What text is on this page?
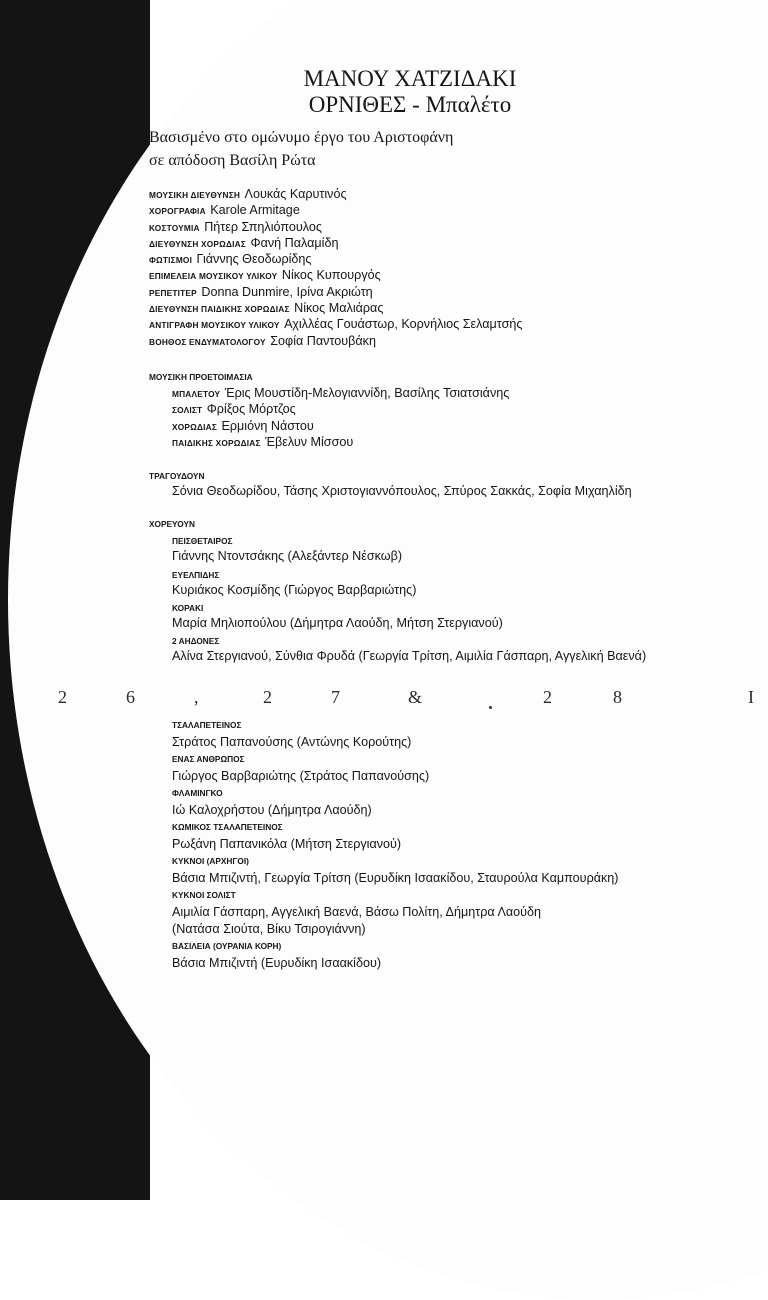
ΜΑΝΟΥ ΧΑΤΖΙΔΑΚΙ
ΟΡΝΙΘΕΣ - Μπαλέτο
Βασισμένο στο ομώνυμο έργο του Αριστοφάνη
σε απόδοση Βασίλη Ρώτα
ΜΟΥΣΙΚΗ ΔΙΕΥΘΥΝΣΗ Λουκάς Καρυτινός
ΧΟΡΟΓΡΑΦΙΑ Karole Armitage
ΚΟΣΤΟΥΜΙΑ Πήτερ Σπηλιόπουλος
ΔΙΕΥΘΥΝΣΗ ΧΟΡΩΔΙΑΣ Φανή Παλαμίδη
ΦΩΤΙΣΜΟΙ Γιάννης Θεοδωρίδης
ΕΠΙΜΕΛΕΙΑ ΜΟΥΣΙΚΟΥ ΥΛΙΚΟΥ Νίκος Κυπουργός
ΡΕΠΕΤΙΤΕΡ Donna Dunmire, Ιρίνα Ακριώτη
ΔΙΕΥΘΥΝΣΗ ΠΑΙΔΙΚΗΣ ΧΟΡΩΔΙΑΣ Νίκος Μαλιάρας
ΑΝΤΙΓΡΑΦΗ ΜΟΥΣΙΚΟΥ ΥΛΙΚΟΥ Αχιλλέας Γουάστωρ, Κορνήλιος Σελαμτσής
ΒΟΗΘΟΣ ΕΝΔΥΜΑΤΟΛΟΓΟΥ Σοφία Παντουβάκη
ΜΟΥΣΙΚΗ ΠΡΟΕΤΟΙΜΑΣΙΑ
ΜΠΑΛΕΤΟΥ Έρις Μουστίδη-Μελογιαννίδη, Βασίλης Τσιατσιάνης
ΣΟΛΙΣΤ Φρίξος Μόρτζος
ΧΟΡΩΔΙΑΣ Ερμιόνη Νάστου
ΠΑΙΔΙΚΗΣ ΧΟΡΩΔΙΑΣ Έβελυν Μίσσου
ΤΡΑΓΟΥΔΟΥΝ
Σόνια Θεοδωρίδου, Τάσης Χριστογιαννόπουλος, Σπύρος Σακκάς, Σοφία Μιχαηλίδη
ΧΟΡΕΥΟΥΝ
ΠΕΙΣΘΕΤΑΙΡΟΣ
Γιάννης Ντοντσάκης (Αλεξάντερ Νέσκωβ)
ΕΥΕΛΠΙΔΗΣ
Κυριάκος Κοσμίδης (Γιώργος Βαρβαριώτης)
ΚΟΡΑΚΙ
Μαρία Μηλιοπούλου (Δήμητρα Λαούδη, Μήτση Στεργιανού)
2 ΑΗΔΟΝΕΣ
Αλίνα Στεργιανού, Σύνθια Φρυδά (Γεωργία Τρίτση, Αιμιλία Γάσπαρη, Αγγελική Βαενά)
2	6	,	2	7	&	2	8	I
ΤΣΑΛΑΠΕΤΕΙΝΟΣ
Στράτος Παπανούσης (Αντώνης Κορούτης)
ΕΝΑΣ ΑΝΘΡΩΠΟΣ
Γιώργος Βαρβαριώτης (Στράτος Παπανούσης)
ΦΛΑΜΙΝΓΚΟ
Ιώ Καλοχρήστου (Δήμητρα Λαούδη)
ΚΩΜΙΚΟΣ ΤΣΑΛΑΠΕΤΕΙΝΟΣ
Ρωξάνη Παπανικόλα (Μήτση Στεργιανού)
ΚΥΚΝΟΙ (ΑΡΧΗΓΟΙ)
Βάσια Μπιζιντή, Γεωργία Τρίτση (Ευρυδίκη Ισαακίδου, Σταυρούλα Καμπουράκη)
ΚΥΚΝΟΙ ΣΟΛΙΣΤ
Αιμιλία Γάσπαρη, Αγγελική Βαενά, Βάσω Πολίτη, Δήμητρα Λαούδη
(Νατάσα Σιούτα, Βίκυ Τσιρογιάννη)
ΒΑΣΙΛΕΙΑ (ΟΥΡΑΝΙΑ ΚΟΡΗ)
Βάσια Μπιζιντή (Ευρυδίκη Ισαακίδου)
